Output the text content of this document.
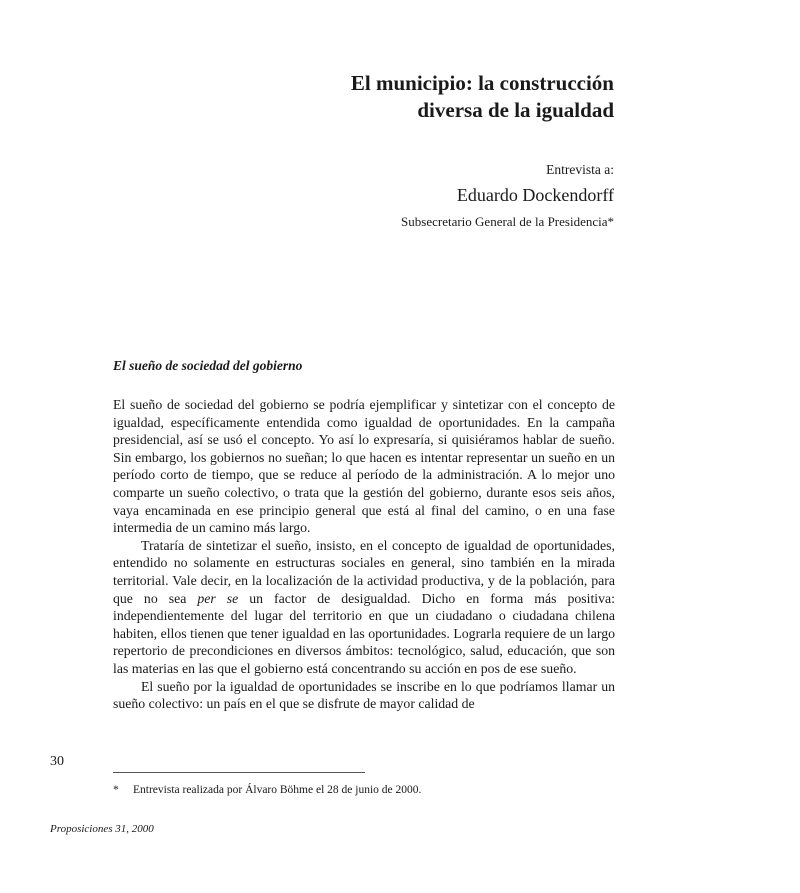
El municipio: la construcción
diversa de la igualdad
Entrevista a:
Eduardo Dockendorff
Subsecretario General de la Presidencia*
El sueño de sociedad del gobierno

El sueño de sociedad del gobierno se podría ejemplificar y sintetizar con el concepto de igualdad, específicamente entendida como igualdad de oportunidades. En la campaña presidencial, así se usó el concepto. Yo así lo expresaría, si quisiéramos hablar de sueño. Sin embargo, los gobiernos no sueñan; lo que hacen es intentar representar un sueño en un período corto de tiempo, que se reduce al período de la administración. A lo mejor uno comparte un sueño colectivo, o trata que la gestión del gobierno, durante esos seis años, vaya encaminada en ese principio general que está al final del camino, o en una fase intermedia de un camino más largo.

Trataría de sintetizar el sueño, insisto, en el concepto de igualdad de oportunidades, entendido no solamente en estructuras sociales en general, sino también en la mirada territorial. Vale decir, en la localización de la actividad productiva, y de la población, para que no sea per se un factor de desigualdad. Dicho en forma más positiva: independientemente del lugar del territorio en que un ciudadano o ciudadana chilena habiten, ellos tienen que tener igualdad en las oportunidades. Lograrla requiere de un largo repertorio de precondiciones en diversos ámbitos: tecnológico, salud, educación, que son las materias en las que el gobierno está concentrando su acción en pos de ese sueño.

El sueño por la igualdad de oportunidades se inscribe en lo que podríamos llamar un sueño colectivo: un país en el que se disfrute de mayor calidad de

30
* Entrevista realizada por Álvaro Böhme el 28 de junio de 2000.
Proposiciones 31, 2000
